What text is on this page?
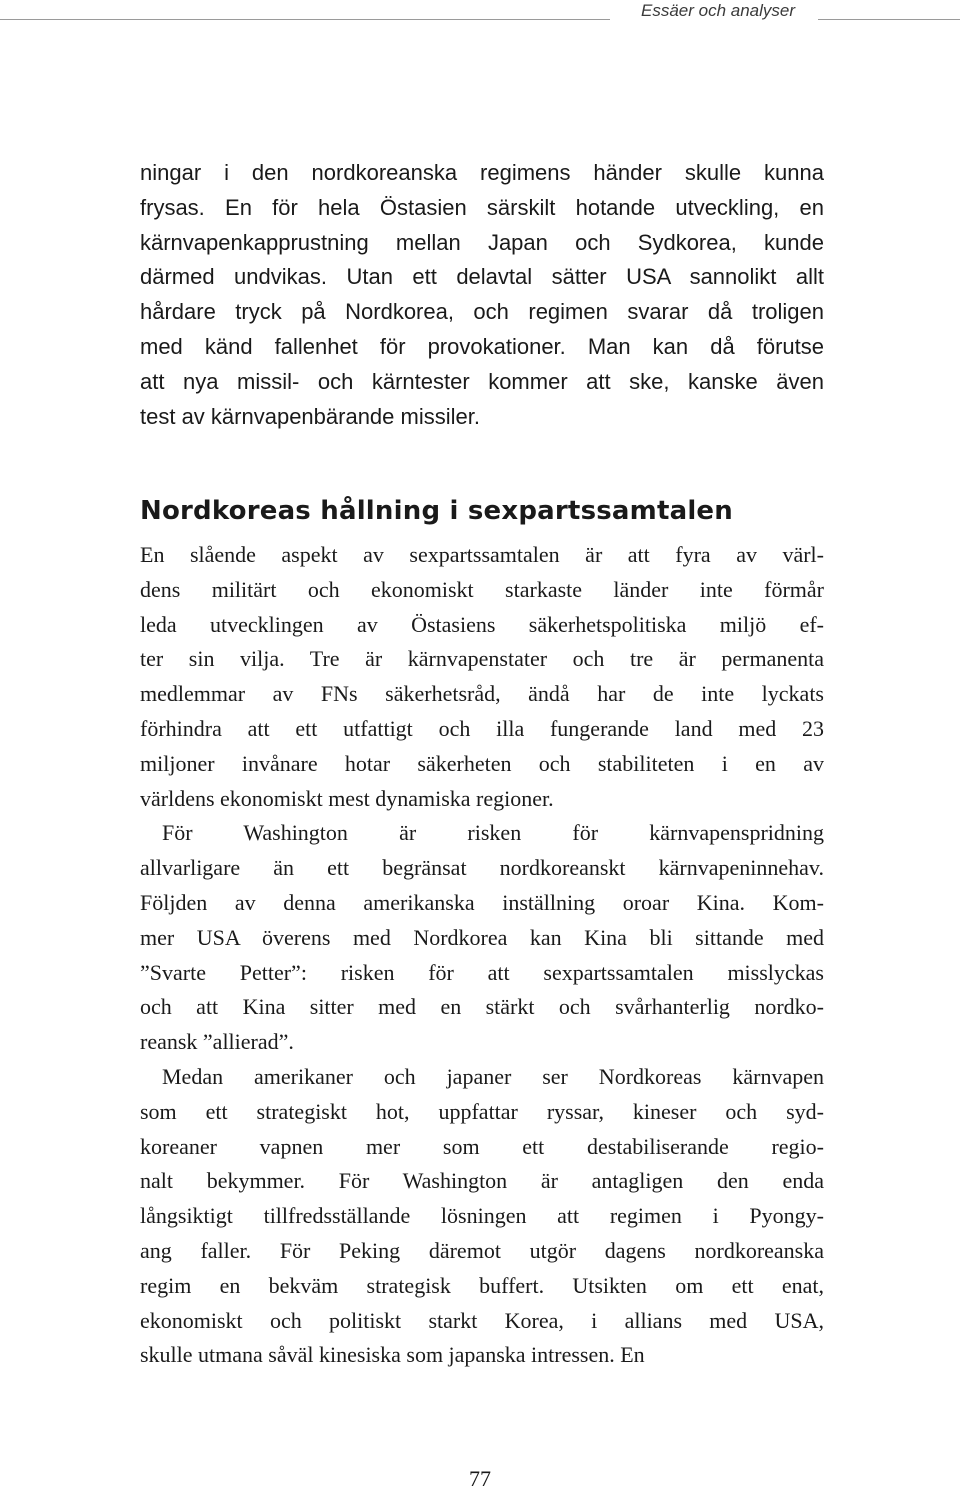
Essäer och analyser

ningar i den nordkoreanska regimens händer skulle kunna
frysas. En för hela Östasien särskilt hotande utveckling, en
kärnvapenkapprustning mellan Japan och Sydkorea, kunde
därmed undvikas. Utan ett delavtal sätter USA sannolikt allt
hårdare tryck på Nordkorea, och regimen svarar då troligen
med känd fallenhet för provokationer. Man kan då förutse
att nya missil- och kärntester kommer att ske, kanske även
test av kärnvapenbärande missiler.

Nordkoreas hållning i sexpartssamtalen

En slående aspekt av sexpartssamtalen är att fyra av värl-
dens militärt och ekonomiskt starkaste länder inte förmår
leda utvecklingen av Östasiens säkerhetspolitiska miljö ef-
ter sin vilja. Tre är kärnvapenstater och tre är permanenta
medlemmar av FNs säkerhetsråd, ändå har de inte lyckats
förhindra att ett utfattigt och illa fungerande land med 23
miljoner invånare hotar säkerheten och stabiliteten i en av
världens ekonomiskt mest dynamiska regioner.

För Washington är risken för kärnvapenspridning
allvarligare än ett begränsat nordkoreanskt kärnvapeninnehav.
Följden av denna amerikanska inställning oroar Kina. Kom-
mer USA överens med Nordkorea kan Kina bli sittande med
”Svarte Petter”: risken för att sexpartssamtalen misslyckas
och att Kina sitter med en stärkt och svårhanterlig nordko-
reansk ”allierad”.

Medan amerikaner och japaner ser Nordkoreas kärnvapen
som ett strategiskt hot, uppfattar ryssar, kineser och syd-
koreaner vapnen mer som ett destabiliserande regio-
nalt bekymmer. För Washington är antagligen den enda
långsiktigt tillfredsställande lösningen att regimen i Pyongy-
ang faller. För Peking däremot utgör dagens nordkoreanska
regim en bekväm strategisk buffert. Utsikten om ett enat,
ekonomiskt och politiskt starkt Korea, i allians med USA,
skulle utmana såväl kinesiska som japanska intressen. En

77
